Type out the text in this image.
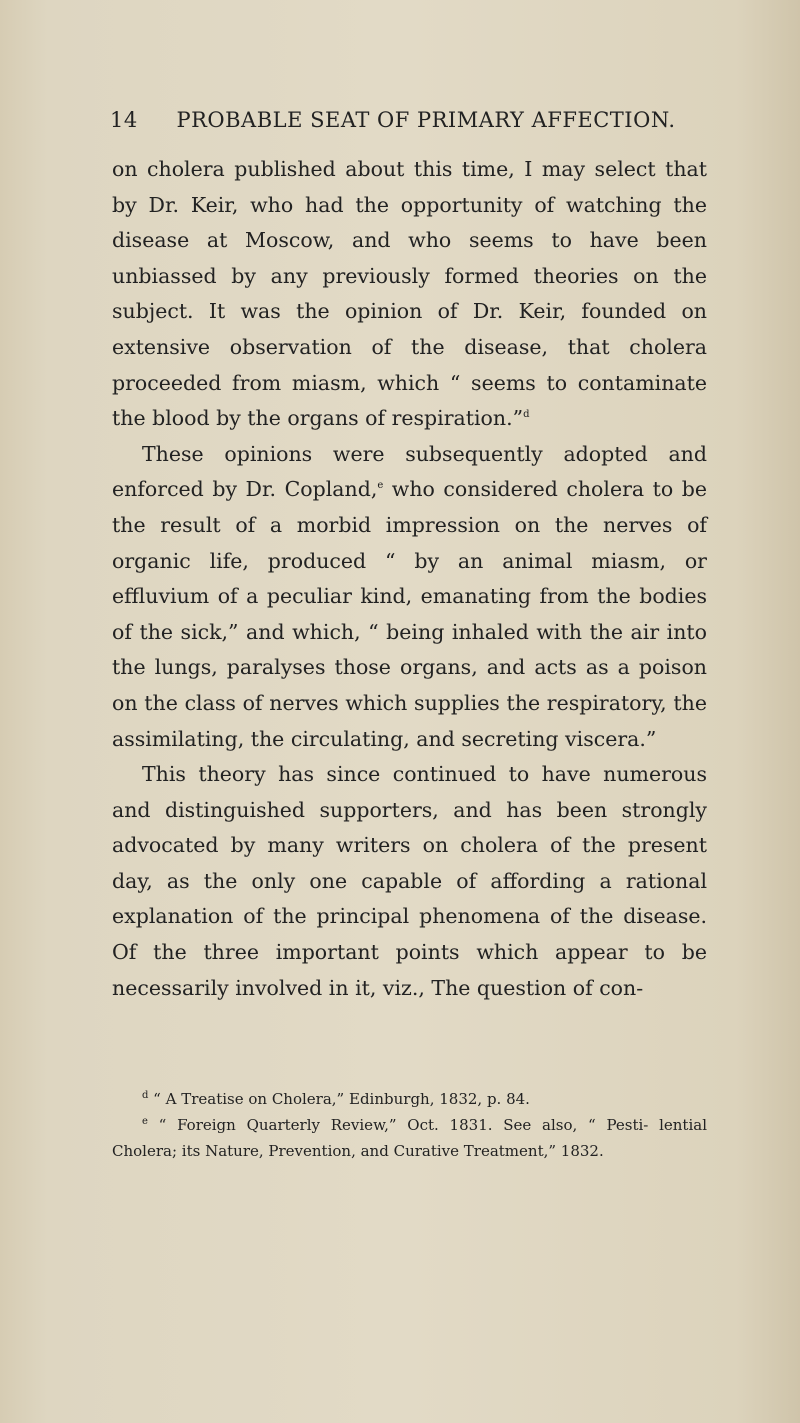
14	PROBABLE SEAT OF PRIMARY AFFECTION.

on cholera published about this time, I may select that by Dr. Keir, who had the opportunity of watching the disease at Moscow, and who seems to have been unbiassed by any previously formed theories on the subject. It was the opinion of Dr. Keir, founded on extensive observation of the disease, that cholera proceeded from miasm, which “ seems to contaminate the blood by the organs of respiration.”$^d$

These opinions were subsequently adopted and enforced by Dr. Copland,$^e$ who considered cholera to be the result of a morbid impression on the nerves of organic life, produced “ by an animal miasm, or effluvium of a peculiar kind, emanating from the bodies of the sick,” and which, “ being inhaled with the air into the lungs, paralyses those organs, and acts as a poison on the class of nerves which supplies the respiratory, the assimilating, the circulating, and secreting viscera.”

This theory has since continued to have numerous and distinguished supporters, and has been strongly advocated by many writers on cholera of the present day, as the only one capable of affording a rational explanation of the principal phenomena of the disease. Of the three important points which appear to be necessarily involved in it, viz., The question of con-

$^d$ “ A Treatise on Cholera,” Edinburgh, 1832, p. 84.

$^e$ “ Foreign Quarterly Review,” Oct. 1831. See also, “ Pesti- lential Cholera; its Nature, Prevention, and Curative Treatment,” 1832.
